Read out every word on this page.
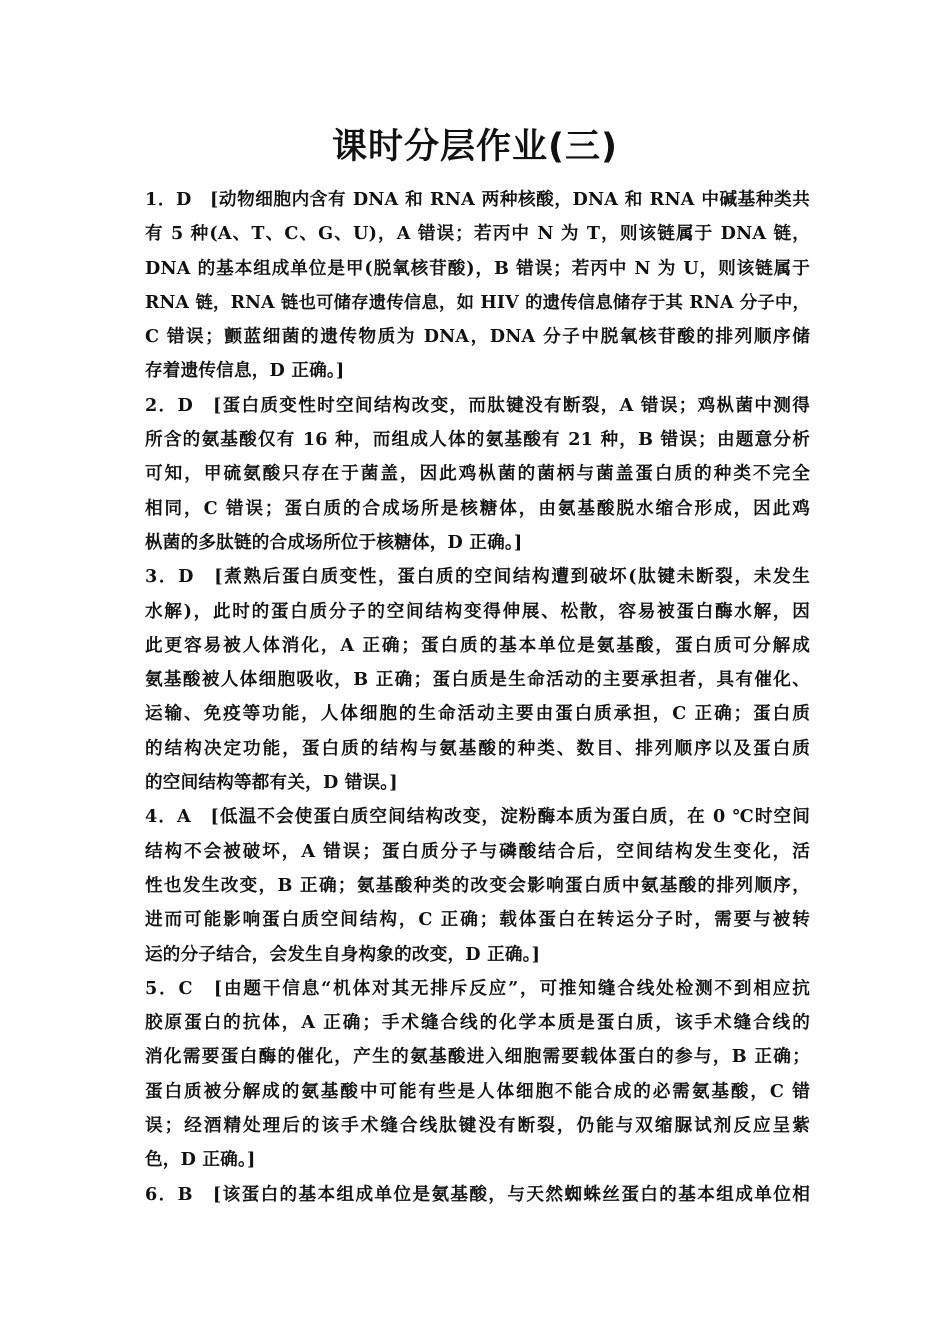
课时分层作业(三)
1．D　[动物细胞内含有 DNA 和 RNA 两种核酸，DNA 和 RNA 中碱基种类共
有 5 种(A、T、C、G、U)，A 错误；若丙中 N 为 T，则该链属于 DNA 链，
DNA 的基本组成单位是甲(脱氧核苷酸)，B 错误；若丙中 N 为 U，则该链属于
RNA 链，RNA 链也可储存遗传信息，如 HIV 的遗传信息储存于其 RNA 分子中，
C 错误；颤蓝细菌的遗传物质为 DNA，DNA 分子中脱氧核苷酸的排列顺序储
存着遗传信息，D 正确。]
2．D　[蛋白质变性时空间结构改变，而肽键没有断裂，A 错误；鸡枞菌中测得
所含的氨基酸仅有 16 种，而组成人体的氨基酸有 21 种，B 错误；由题意分析
可知，甲硫氨酸只存在于菌盖，因此鸡枞菌的菌柄与菌盖蛋白质的种类不完全
相同，C 错误；蛋白质的合成场所是核糖体，由氨基酸脱水缩合形成，因此鸡
枞菌的多肽链的合成场所位于核糖体，D 正确。]
3．D　[煮熟后蛋白质变性，蛋白质的空间结构遭到破坏(肽键未断裂，未发生
水解)，此时的蛋白质分子的空间结构变得伸展、松散，容易被蛋白酶水解，因
此更容易被人体消化，A 正确；蛋白质的基本单位是氨基酸，蛋白质可分解成
氨基酸被人体细胞吸收，B 正确；蛋白质是生命活动的主要承担者，具有催化、
运输、免疫等功能，人体细胞的生命活动主要由蛋白质承担，C 正确；蛋白质
的结构决定功能，蛋白质的结构与氨基酸的种类、数目、排列顺序以及蛋白质
的空间结构等都有关，D 错误。]
4．A　[低温不会使蛋白质空间结构改变，淀粉酶本质为蛋白质，在 0 ℃时空间
结构不会被破坏，A 错误；蛋白质分子与磷酸结合后，空间结构发生变化，活
性也发生改变，B 正确；氨基酸种类的改变会影响蛋白质中氨基酸的排列顺序，
进而可能影响蛋白质空间结构，C 正确；载体蛋白在转运分子时，需要与被转
运的分子结合，会发生自身构象的改变，D 正确。]
5．C　[由题干信息“机体对其无排斥反应”，可推知缝合线处检测不到相应抗
胶原蛋白的抗体，A 正确；手术缝合线的化学本质是蛋白质，该手术缝合线的
消化需要蛋白酶的催化，产生的氨基酸进入细胞需要载体蛋白的参与，B 正确；
蛋白质被分解成的氨基酸中可能有些是人体细胞不能合成的必需氨基酸，C 错
误；经酒精处理后的该手术缝合线肽键没有断裂，仍能与双缩脲试剂反应呈紫
色，D 正确。]
6．B　[该蛋白的基本组成单位是氨基酸，与天然蜘蛛丝蛋白的基本组成单位相
